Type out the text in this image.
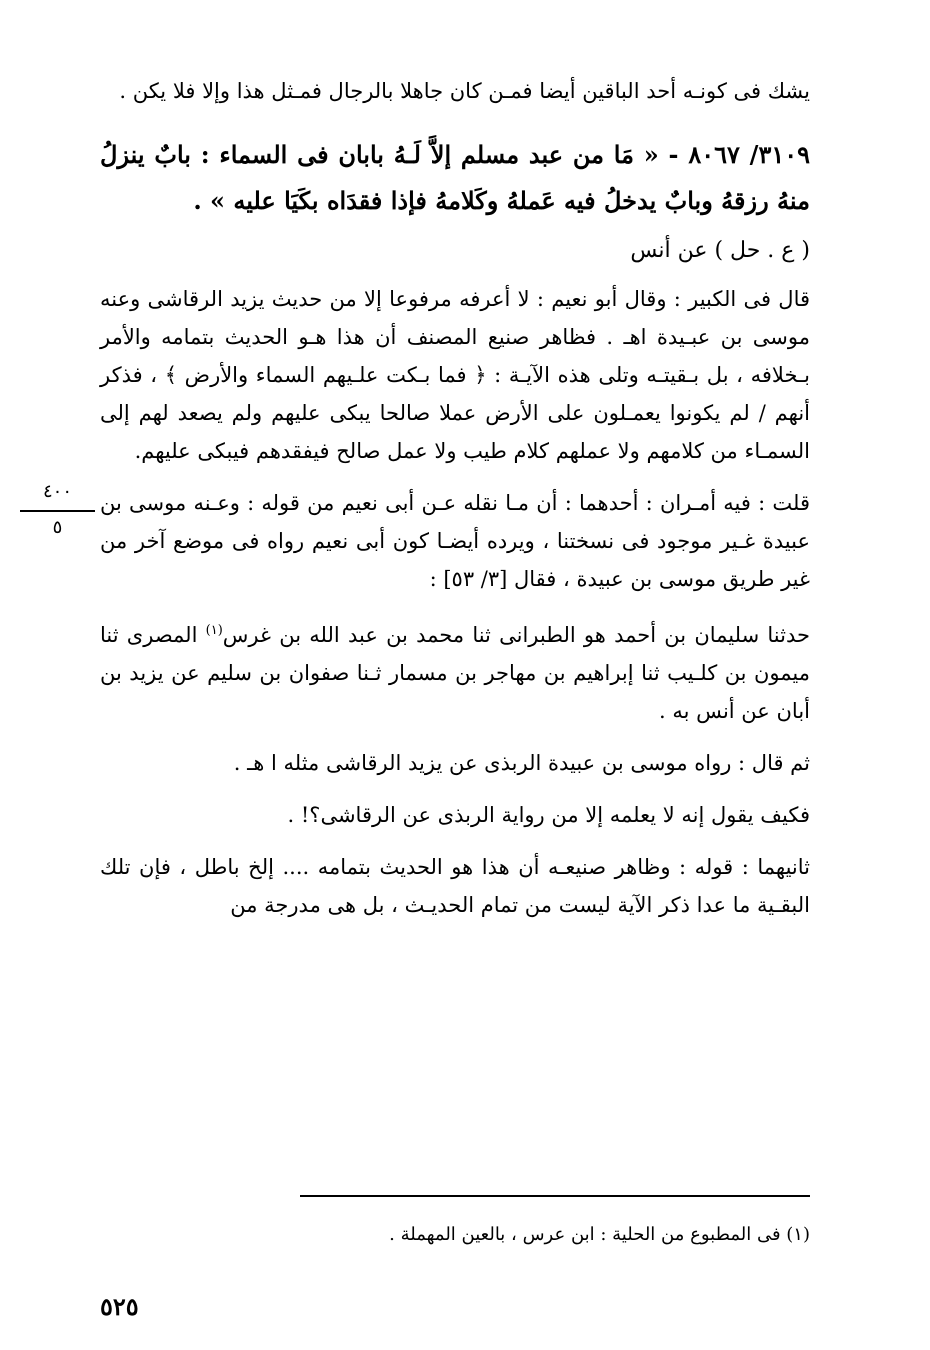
يشك فى كونـه أحد الباقين أيضا فمـن كان جاهلا بالرجال فمـثل هذا وإلا فلا يكن .

٣١٠٩/ ٨٠٦٧ - « مَا من عبد مسلم إلاَّ لَـهُ بابان فى السماء : بابٌ ينزلُ منهُ رزقهُ وبابٌ يدخلُ فيه عَملهُ وكَلامهُ فإذا فقدَاه بكَيَا عليه » .

( ع . حل ) عن أنس

قال فى الكبير : وقال أبو نعيم : لا أعرفه مرفوعا إلا من حديث يزيد الرقاشى وعنه موسى بن عبـيدة اهـ . فظاهر صنيع المصنف أن هذا هـو الحديث بتمامه والأمر بـخلافه ، بل بـقيتـه وتلى هذه الآيـة : ﴿ فما بـكت علـيهم السماء والأرض ﴾ ، فذكر أنهم / لم يكونوا يعمـلون على الأرض عملا صالحا يبكى عليهم ولم يصعد لهم إلى السمـاء من كلامهم ولا عملهم كلام طيب ولا عمل صالح فيفقدهم فيبكى عليهم.

قلت : فيه أمـران : أحدهما : أن مـا نقله عـن أبى نعيم من قوله : وعـنه موسى بن عبيدة غـير موجود فى نسختنا ، ويرده أيضـا كون أبى نعيم رواه فى موضع آخر من غير طريق موسى بن عبيدة ، فقال [٣/ ٥٣] :

حدثنا سليمان بن أحمد هو الطبرانى ثنا محمد بن عبد الله بن غرس$^{(١)}$ المصرى ثنا ميمون بن كلـيب ثنا إبراهيم بن مهاجر بن مسمار ثـنا صفوان بن سليم عن يزيد بن أبان عن أنس به .

ثم قال : رواه موسى بن عبيدة الربذى عن يزيد الرقاشى مثله ا هـ .

فكيف يقول إنه لا يعلمه إلا من رواية الربذى عن الرقاشى؟! .

ثانيهما : قوله : وظاهر صنيعـه أن هذا هو الحديث بتمامه .... إلخ باطل ، فإن تلك البقـية ما عدا ذكر الآية ليست من تمام الحديـث ، بل هى مدرجة من

٤٠٠
٥
(١) فى المطبوع من الحلية : ابن عرس ، بالعين المهملة .
٥٢٥
